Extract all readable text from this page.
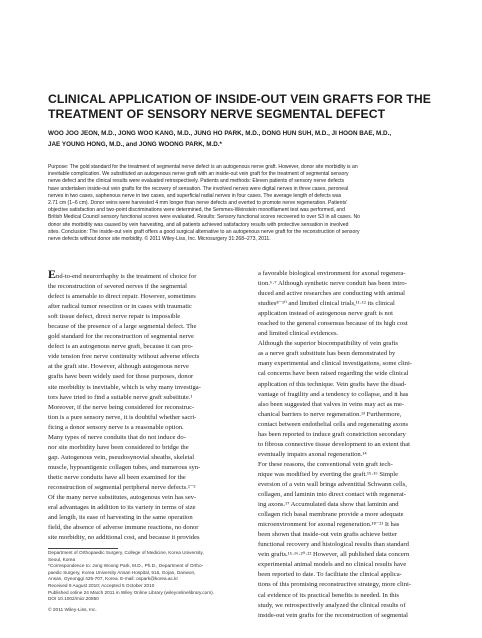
CLINICAL APPLICATION OF INSIDE-OUT VEIN GRAFTS FOR THE
TREATMENT OF SENSORY NERVE SEGMENTAL DEFECT
WOO JOO JEON, M.D., JONG WOO KANG, M.D., JUNG HO PARK, M.D., DONG HUN SUH, M.D., JI HOON BAE, M.D.,
JAE YOUNG HONG, M.D., and JONG WOONG PARK, M.D.*
Purpose: The gold standard for the treatment of segmental nerve defect is an autogenous nerve graft. However, donor site morbidity is an
inevitable complication. We substituted an autogenous nerve graft with an inside-out vein graft for the treatment of segmental sensory
nerve defect and the clinical results were evaluated retrospectively. Patients and methods: Eleven patients of sensory nerve defects
have undertaken inside-out vein grafts for the recovery of sensation. The involved nerves were digital nerves in three cases, peroneal
nerves in two cases, saphenous nerve in two cases, and superficial radial nerves in four cases. The average length of defects was
2.71 cm (1–6 cm). Donor veins were harvested 4 mm longer than nerve defects and everted to promote nerve regeneration. Patients'
objective satisfaction and two-point discriminations were determined, the Semmes-Weinstein monofilament test was performed, and
British Medical Council sensory functional scores were evaluated. Results: Sensory functional scores recovered to over S3 in all cases. No
donor site morbidity was caused by vein harvesting, and all patients achieved satisfactory results with protective sensation in involved
sites. Conclusion: The inside-out vein graft offers a good surgical alternative to an autogenous nerve graft for the reconstruction of sensory
nerve defects without donor site morbidity. © 2011 Wiley-Liss, Inc. Microsurgery 31:268–273, 2011.
End-to-end neurorrhaphy is the treatment of choice for
the reconstruction of severed nerves if the segmental
defect is amenable to direct repair. However, sometimes
after radical tumor resection or in cases with traumatic
soft tissue defect, direct nerve repair is impossible
because of the presence of a large segmental defect. The
gold standard for the reconstruction of segmental nerve
defect is an autogenous nerve graft, because it can pro-
vide tension free nerve continuity without adverse effects
at the graft site. However, although autogenous nerve
grafts have been widely used for those purposes, donor
site morbidity is inevitable, which is why many investiga-
tors have tried to find a suitable nerve graft substitute.¹
Moreover, if the nerve being considered for reconstruc-
tion is a pure sensory nerve, it is doubtful whether sacri-
ficing a donor sensory nerve is a reasonable option.
Many types of nerve conduits that do not induce do-
nor site morbidity have been considered to bridge the
gap. Autogenous vein, pseudosynovial sheaths, skeletal
muscle, hypoantigenic collagen tubes, and numerous syn-
thetic nerve conduits have all been examined for the
reconstruction of segmental peripheral nerve defects.²⁻⁵
Of the many nerve substitutes, autogenous vein has sev-
eral advantages in addition to its variety in terms of size
and length, its ease of harvesting in the same operation
field, the absence of adverse immune reactions, no donor
site morbidity, no additional cost, and because it provides
a favorable biological environment for axonal regenera-
tion.⁶·⁷ Although synthetic nerve conduit has been intro-
duced and active researches are conducting with animal
studies⁸⁻¹⁰ and limited clinical trials,¹¹·¹² its clinical
application instead of autogenous nerve graft is not
reached to the general consensus because of its high cost
and limited clinical evidences.
Although the superior biocompatibility of vein grafts
as a nerve graft substitute has been demonstrated by
many experimental and clinical investigations, some clini-
cal concerns have been raised regarding the wide clinical
application of this technique. Vein grafts have the disad-
vantage of fragility and a tendency to collapse, and it has
also been suggested that valves in veins may act as me-
chanical barriers to nerve regeneration.¹³ Furthermore,
contact between endothelial cells and regenerating axons
has been reported to induce graft constriction secondary
to fibrous connective tissue development to an extent that
eventually impairs axonal regeneration.¹⁴
For these reasons, the conventional vein graft tech-
nique was modified by everting the graft.¹⁵·¹⁶ Simple
eversion of a vein wall brings adventitial Schwann cells,
collagen, and laminin into direct contact with regenerat-
ing axons.¹⁷ Accumulated data show that laminin and
collagen rich basal membrane provide a more adequate
microenvironment for axonal regeneration.¹⁸⁻²¹ It has
been shown that inside-out vein grafts achieve better
functional recovery and histological results than standard
vein grafts.¹⁵·¹⁶·²⁰·²² However, all published data concern
experimental animal models and no clinical results have
been reported to date. To facilitate the clinical applica-
tions of this promising reconstructive strategy, more clini-
cal evidence of its practical benefits is needed. In this
study, we retrospectively analyzed the clinical results of
inside-out vein grafts for the reconstruction of segmental
Department of Orthopaedic Surgery, College of Medicine, Korea University,
Seoul, Korea
*Correspondence to: Jong Woong Park, M.D., Ph.D., Department of Ortho-
paedic Surgery, Korea University Ansan Hospital, 516, Gojan, Danwon,
Ansan, Gyeonggi 425-707, Korea. E-mail: ospark@korea.ac.kr
Received 9 August 2010; Accepted 5 October 2010
Published online 24 March 2011 in Wiley Online Library (wileyonlinelibrary.com).
DOI 10.1002/micr.20850
© 2011 Wiley-Liss, Inc.
